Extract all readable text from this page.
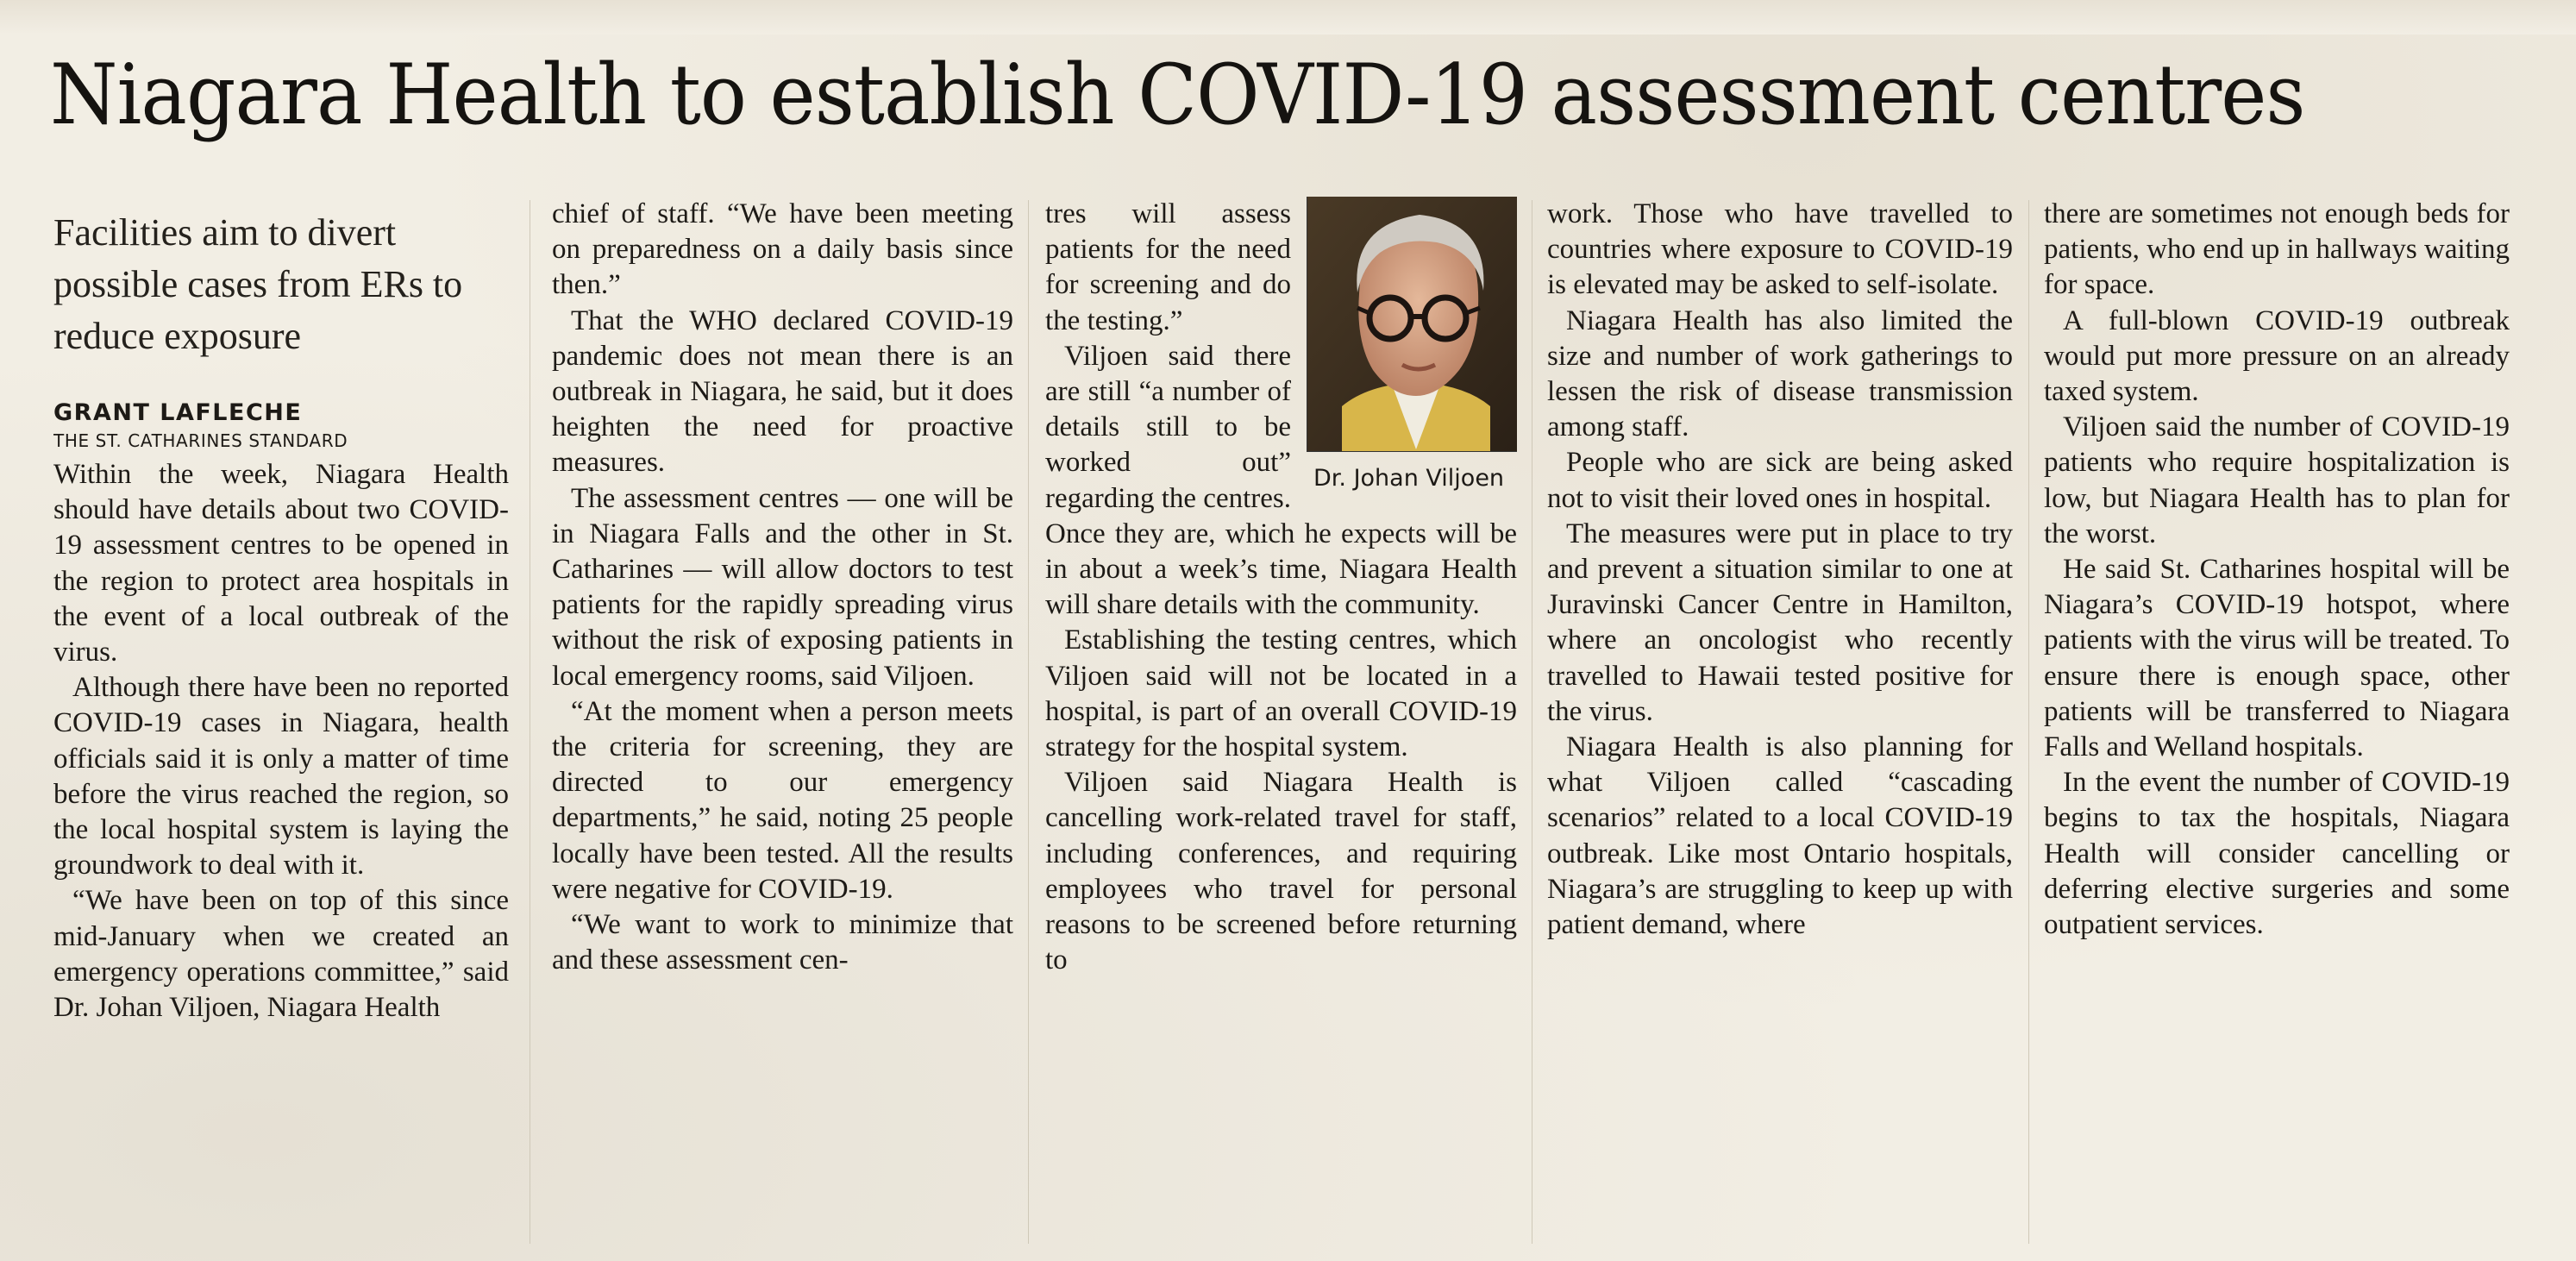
Niagara Health to establish COVID-19 assessment centres
Facilities aim to divert possible cases from ERs to reduce exposure
GRANT LAFLECHE
THE ST. CATHARINES STANDARD

Within the week, Niagara Health should have details about two COVID-19 assessment centres to be opened in the region to protect area hospitals in the event of a local outbreak of the virus.

Although there have been no reported COVID-19 cases in Niagara, health officials said it is only a matter of time before the virus reached the region, so the local hospital system is laying the groundwork to deal with it.

“We have been on top of this since mid-January when we created an emergency operations committee,” said Dr. Johan Viljoen, Niagara Health

chief of staff. “We have been meeting on preparedness on a daily basis since then.”

That the WHO declared COVID-19 pandemic does not mean there is an outbreak in Niagara, he said, but it does heighten the need for proactive measures.

The assessment centres — one will be in Niagara Falls and the other in St. Catharines — will allow doctors to test patients for the rapidly spreading virus without the risk of exposing patients in local emergency rooms, said Viljoen.

“At the moment when a person meets the criteria for screening, they are directed to our emergency departments,” he said, noting 25 people locally have been tested. All the results were negative for COVID-19.

“We want to work to minimize that and these assessment cen-

Dr. Johan Viljoen

tres will assess patients for the need for screening and do the testing.”

Viljoen said there are still “a number of details still to be worked out” regarding the centres. Once they are, which he expects will be in about a week’s time, Niagara Health will share details with the community.

Establishing the testing centres, which Viljoen said will not be located in a hospital, is part of an overall COVID-19 strategy for the hospital system.

Viljoen said Niagara Health is cancelling work-related travel for staff, including conferences, and requiring employees who travel for personal reasons to be screened before returning to

work. Those who have travelled to countries where exposure to COVID-19 is elevated may be asked to self-isolate.

Niagara Health has also limited the size and number of work gatherings to lessen the risk of disease transmission among staff.

People who are sick are being asked not to visit their loved ones in hospital.

The measures were put in place to try and prevent a situation similar to one at Juravinski Cancer Centre in Hamilton, where an oncologist who recently travelled to Hawaii tested positive for the virus.

Niagara Health is also planning for what Viljoen called “cascading scenarios” related to a local COVID-19 outbreak. Like most Ontario hospitals, Niagara’s are struggling to keep up with patient demand, where

there are sometimes not enough beds for patients, who end up in hallways waiting for space.

A full-blown COVID-19 outbreak would put more pressure on an already taxed system.

Viljoen said the number of COVID-19 patients who require hospitalization is low, but Niagara Health has to plan for the worst.

He said St. Catharines hospital will be Niagara’s COVID-19 hotspot, where patients with the virus will be treated. To ensure there is enough space, other patients will be transferred to Niagara Falls and Welland hospitals.

In the event the number of COVID-19 begins to tax the hospitals, Niagara Health will consider cancelling or deferring elective surgeries and some outpatient services.
